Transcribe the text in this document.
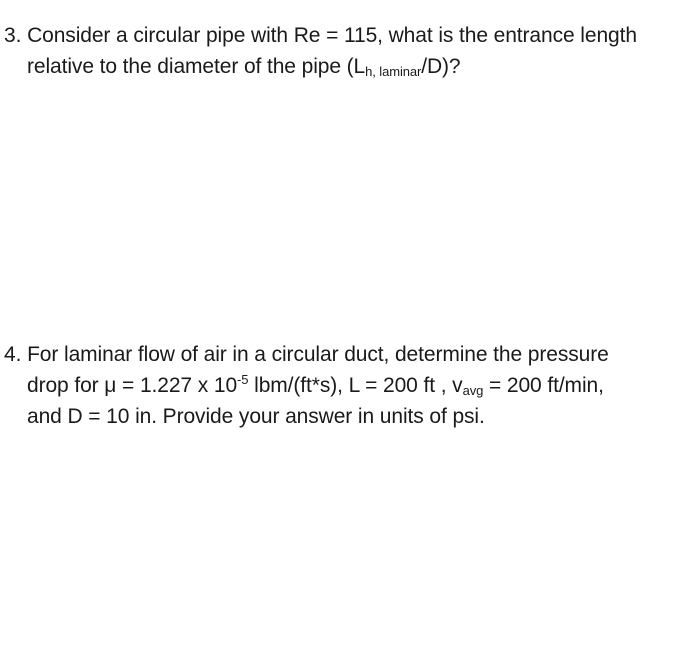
3. Consider a circular pipe with Re = 115, what is the entrance length
relative to the diameter of the pipe $(L_{h, laminar}/D)$?
4. For laminar flow of air in a circular duct, determine the pressure
drop for μ = 1.227 x $10^{-5}$ lbm/(ft*s), L = 200 ft , $v_{avg} = 200$ ft/min,
and D = 10 in. Provide your answer in units of psi.
